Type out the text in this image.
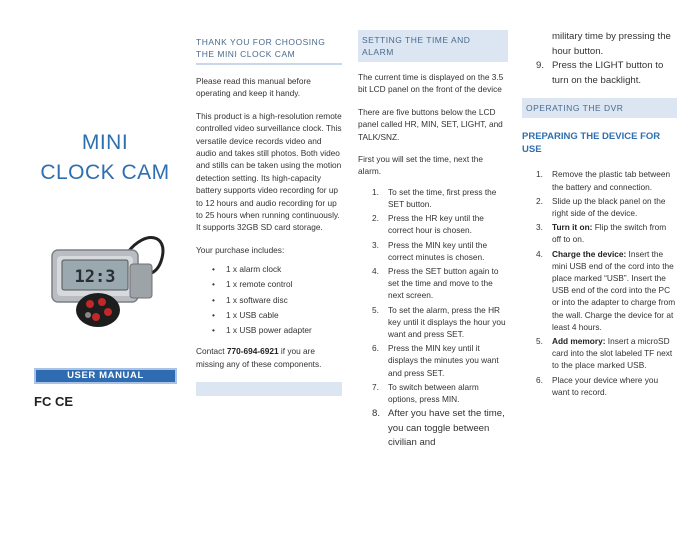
MINI
CLOCK CAM
12:3
USER MANUAL
FC CE
THANK YOU FOR CHOOSING THE MINI CLOCK CAM

Please read this manual before operating and keep it handy.

This product is a high-resolution remote controlled video surveillance clock. This versatile device records video and audio and takes still photos. Both video and stills can be taken using the motion detection setting. Its high-capacity battery supports video recording for up to 12 hours and audio recording for up to 25 hours when running continuously. It supports 32GB SD card storage.

Your purchase includes:

• 1 x alarm clock
• 1 x remote control
• 1 x software disc
• 1 x USB cable
• 1 x USB power adapter

Contact 770-694-6921 if you are missing any of these components.

SETTING THE TIME AND ALARM

The current time is displayed on the 3.5 bit LCD panel on the front of the device

There are five buttons below the LCD panel called HR, MIN, SET, LIGHT, and TALK/SNZ.

First you will set the time, next the alarm.

1. To set the time, first press the SET button.
2. Press the HR key until the correct hour is chosen.
3. Press the MIN key until the correct minutes is chosen.
4. Press the SET button again to set the time and move to the next screen.
5. To set the alarm, press the HR key until it displays the hour you want and press SET.
6. Press the MIN key until it displays the minutes you want and press SET.
7. To switch between alarm options, press MIN.
8. After you have set the time, you can toggle between civilian and
military time by pressing the hour button.
9. Press the LIGHT button to turn on the backlight.
OPERATING THE DVR
PREPARING THE DEVICE FOR USE
1. Remove the plastic tab between the battery and connection.
2. Slide up the black panel on the right side of the device.
3. Turn it on: Flip the switch from off to on.
4. Charge the device: Insert the mini USB end of the cord into the place marked “USB”. Insert the USB end of the cord into the PC or into the adapter to charge from the wall. Charge the device for at least 4 hours.
5. Add memory: Insert a microSD card into the slot labeled TF next to the place marked USB.
6. Place your device where you want to record.
